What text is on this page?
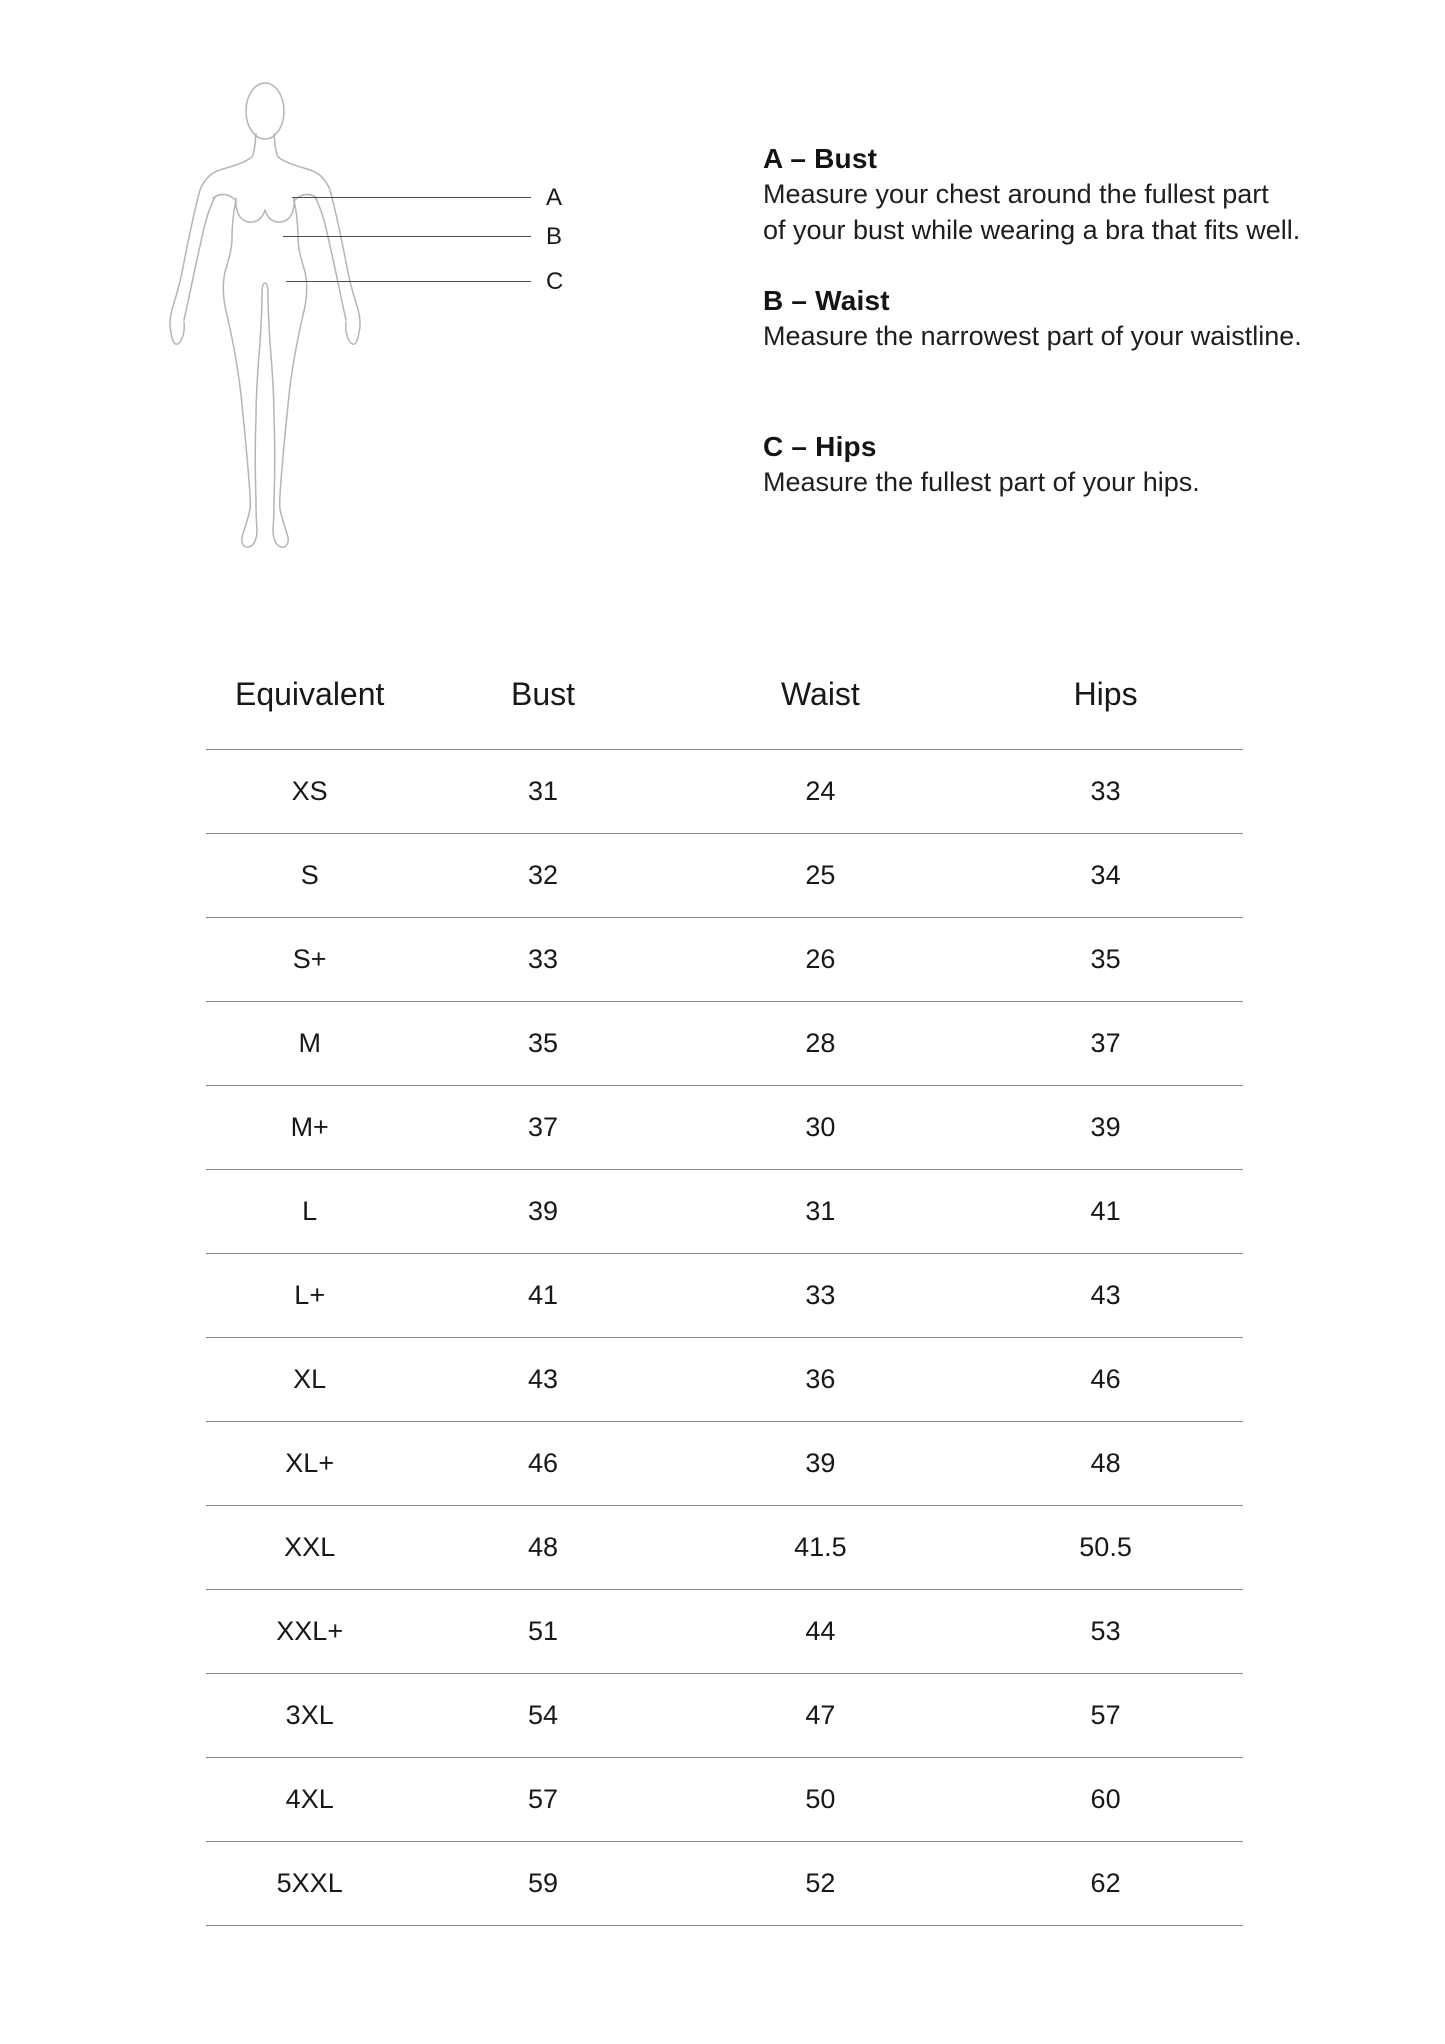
A
B
C
A – Bust
Measure your chest around the fullest part
of your bust while wearing a bra that fits well.
B – Waist
Measure the narrowest part of your waistline.
C – Hips
Measure the fullest part of your hips.
Equivalent	Bust	Waist	Hips
XS	31	24	33
S	32	25	34
S+	33	26	35
M	35	28	37
M+	37	30	39
L	39	31	41
L+	41	33	43
XL	43	36	46
XL+	46	39	48
XXL	48	41.5	50.5
XXL+	51	44	53
3XL	54	47	57
4XL	57	50	60
5XXL	59	52	62
